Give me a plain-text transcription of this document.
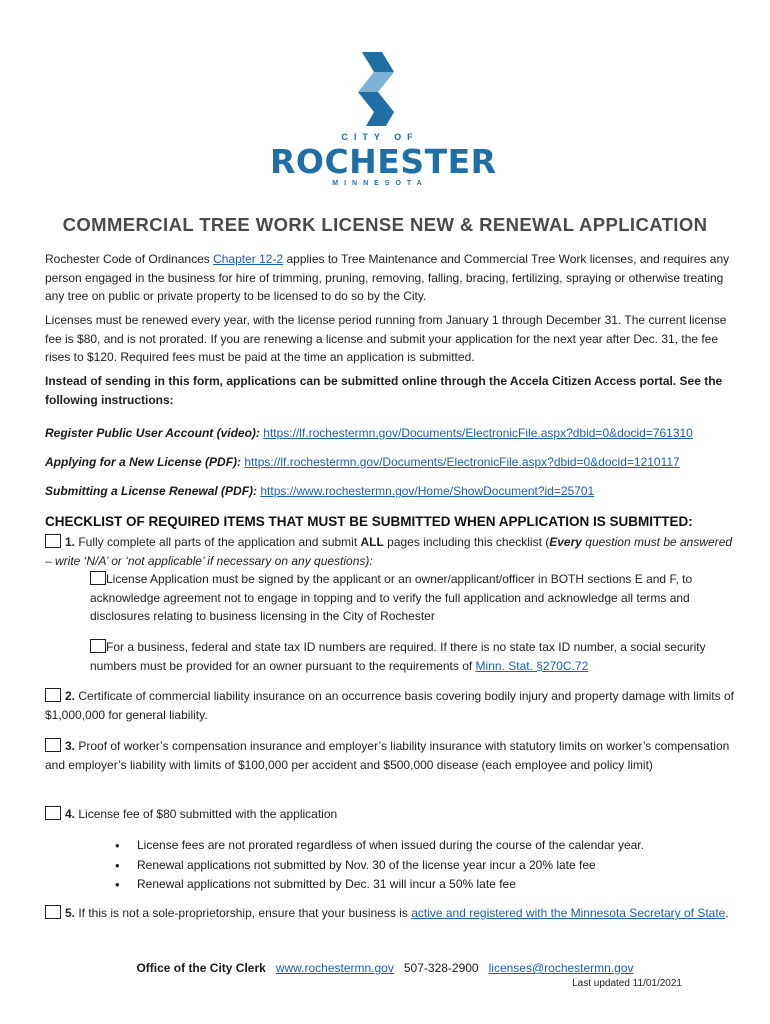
CITY OF
ROCHESTER
MINNESOTA
COMMERCIAL TREE WORK LICENSE NEW & RENEWAL APPLICATION

Rochester Code of Ordinances Chapter 12-2 applies to Tree Maintenance and Commercial Tree Work licenses, and requires any person engaged in the business for hire of trimming, pruning, removing, falling, bracing, fertilizing, spraying or otherwise treating any tree on public or private property to be licensed to do so by the City.

Licenses must be renewed every year, with the license period running from January 1 through December 31. The current license fee is $80, and is not prorated. If you are renewing a license and submit your application for the next year after Dec. 31, the fee rises to $120. Required fees must be paid at the time an application is submitted.

Instead of sending in this form, applications can be submitted online through the Accela Citizen Access portal. See the following instructions:

Register Public User Account (video): https://lf.rochestermn.gov/Documents/ElectronicFile.aspx?dbid=0&docid=761310
Applying for a New License (PDF): https://lf.rochestermn.gov/Documents/ElectronicFile.aspx?dbid=0&docid=1210117
Submitting a License Renewal (PDF): https://www.rochestermn.gov/Home/ShowDocument?id=25701
CHECKLIST OF REQUIRED ITEMS THAT MUST BE SUBMITTED WHEN APPLICATION IS SUBMITTED:
1. Fully complete all parts of the application and submit ALL pages including this checklist (Every question must be answered – write ‘N/A’ or ‘not applicable’ if necessary on any questions):
License Application must be signed by the applicant or an owner/applicant/officer in BOTH sections E and F, to acknowledge agreement not to engage in topping and to verify the full application and acknowledge all terms and disclosures relating to business licensing in the City of Rochester
For a business, federal and state tax ID numbers are required. If there is no state tax ID number, a social security numbers must be provided for an owner pursuant to the requirements of Minn. Stat. §270C.72
2. Certificate of commercial liability insurance on an occurrence basis covering bodily injury and property damage with limits of $1,000,000 for general liability.
3. Proof of worker’s compensation insurance and employer’s liability insurance with statutory limits on worker’s compensation and employer’s liability with limits of $100,000 per accident and $500,000 disease (each employee and policy limit)
4. License fee of $80 submitted with the application
• License fees are not prorated regardless of when issued during the course of the calendar year.
• Renewal applications not submitted by Nov. 30 of the license year incur a 20% late fee
• Renewal applications not submitted by Dec. 31 will incur a 50% late fee
5. If this is not a sole-proprietorship, ensure that your business is active and registered with the Minnesota Secretary of State.
Office of the City Clerk www.rochestermn.gov 507-328-2900 licenses@rochestermn.gov
Last updated 11/01/2021
